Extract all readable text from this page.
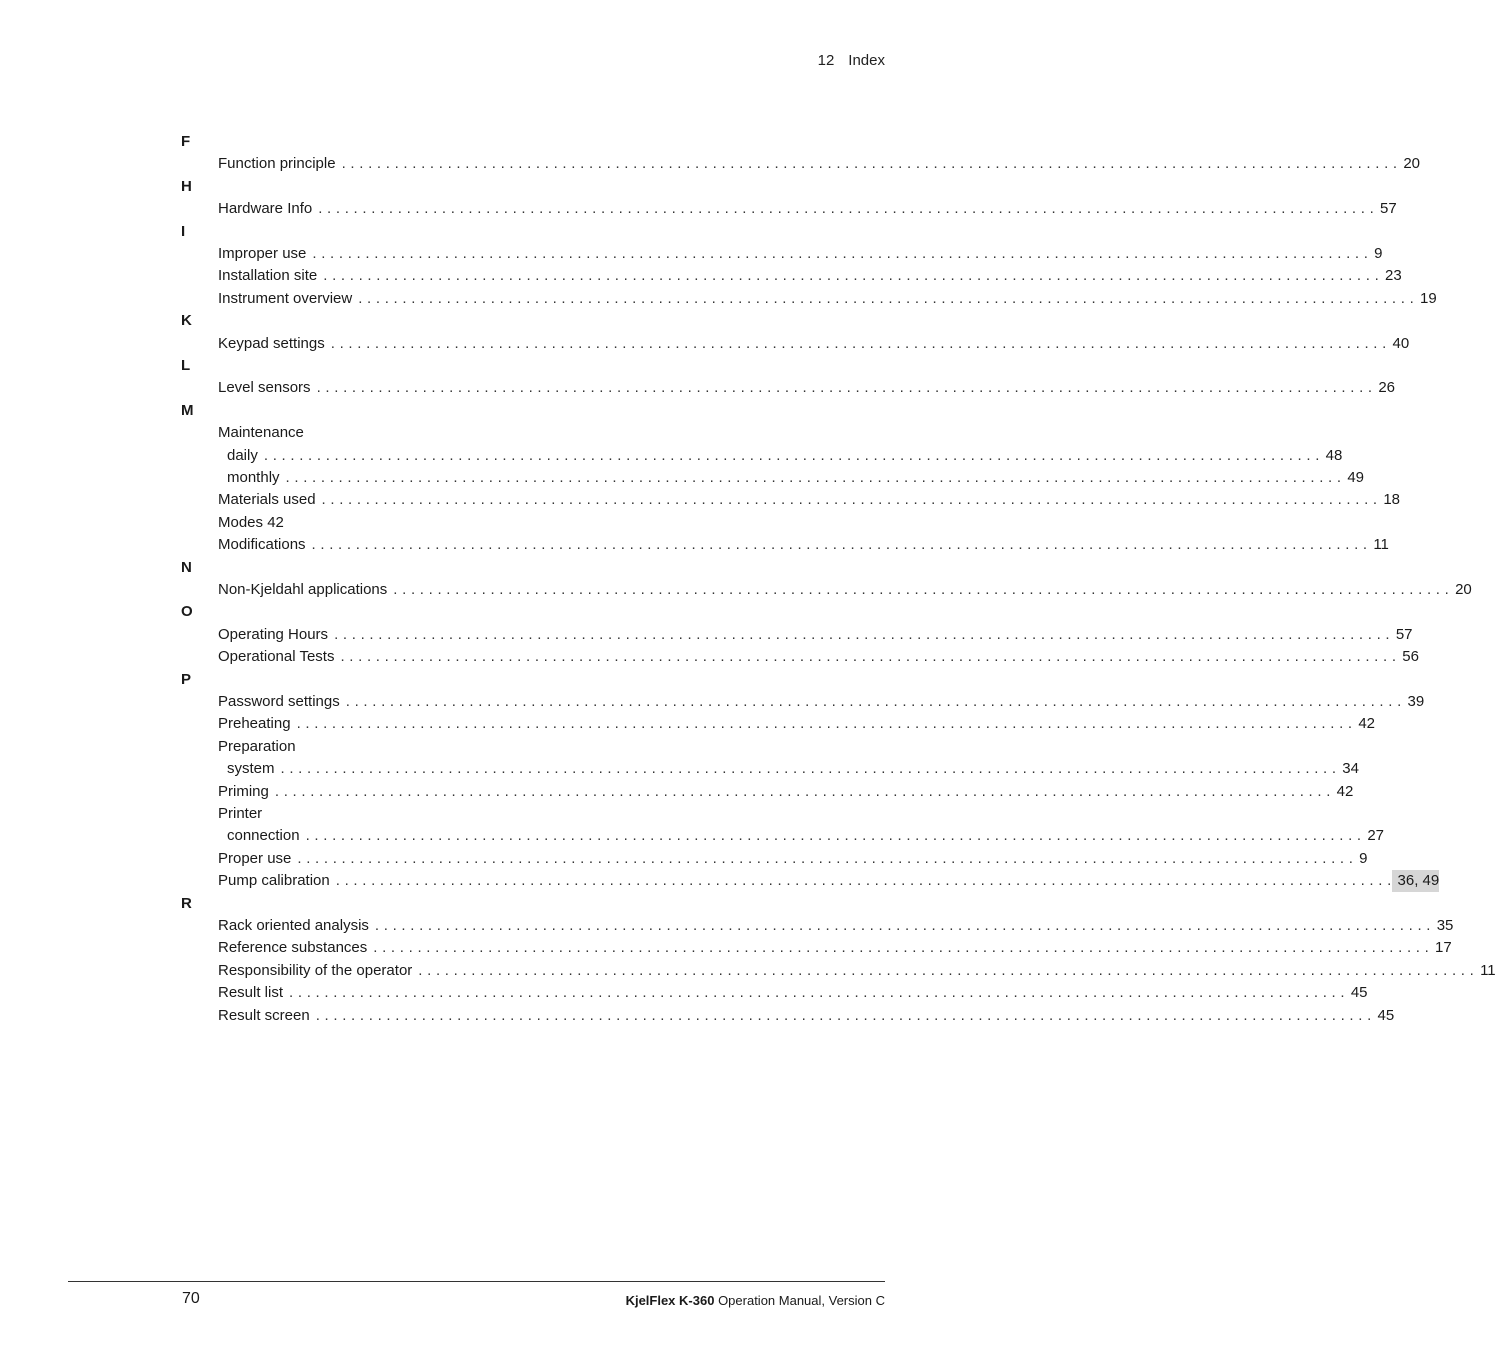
12 Index
F
Function principle . . . . . . . . . . . . . . . . . . . . . . . . . . . . . . . . . . . . . . . . . . . . . . . . . . . . . . . . . . . . . . . . . . . . . . . . . . . . . . . . . . . . . . . . . . . . . . . . . . . . . . . . . . . . . . . . . . . . . . . . 20
H
Hardware Info . . . . . . . . . . . . . . . . . . . . . . . . . . . . . . . . . . . . . . . . . . . . . . . . . . . . . . . . . . . . . . . . . . . . . . . . . . . . . . . . . . . . . . . . . . . . . . . . . . . . . . . . . . . . . . . . . . . . . . . . 57
I
Improper use . . . . . . . . . . . . . . . . . . . . . . . . . . . . . . . . . . . . . . . . . . . . . . . . . . . . . . . . . . . . . . . . . . . . . . . . . . . . . . . . . . . . . . . . . . . . . . . . . . . . . . . . . . . . . . . . . . . . . . . . 9
Installation site . . . . . . . . . . . . . . . . . . . . . . . . . . . . . . . . . . . . . . . . . . . . . . . . . . . . . . . . . . . . . . . . . . . . . . . . . . . . . . . . . . . . . . . . . . . . . . . . . . . . . . . . . . . . . . . . . . . . . . . . 23
Instrument overview . . . . . . . . . . . . . . . . . . . . . . . . . . . . . . . . . . . . . . . . . . . . . . . . . . . . . . . . . . . . . . . . . . . . . . . . . . . . . . . . . . . . . . . . . . . . . . . . . . . . . . . . . . . . . . . . . . . . . . . . 19
K
Keypad settings . . . . . . . . . . . . . . . . . . . . . . . . . . . . . . . . . . . . . . . . . . . . . . . . . . . . . . . . . . . . . . . . . . . . . . . . . . . . . . . . . . . . . . . . . . . . . . . . . . . . . . . . . . . . . . . . . . . . . . . . 40
L
Level sensors . . . . . . . . . . . . . . . . . . . . . . . . . . . . . . . . . . . . . . . . . . . . . . . . . . . . . . . . . . . . . . . . . . . . . . . . . . . . . . . . . . . . . . . . . . . . . . . . . . . . . . . . . . . . . . . . . . . . . . . . 26
M
Maintenance
daily . . . . . . . . . . . . . . . . . . . . . . . . . . . . . . . . . . . . . . . . . . . . . . . . . . . . . . . . . . . . . . . . . . . . . . . . . . . . . . . . . . . . . . . . . . . . . . . . . . . . . . . . . . . . . . . . . . . . . . . . 48
monthly . . . . . . . . . . . . . . . . . . . . . . . . . . . . . . . . . . . . . . . . . . . . . . . . . . . . . . . . . . . . . . . . . . . . . . . . . . . . . . . . . . . . . . . . . . . . . . . . . . . . . . . . . . . . . . . . . . . . . . . . 49
Materials used . . . . . . . . . . . . . . . . . . . . . . . . . . . . . . . . . . . . . . . . . . . . . . . . . . . . . . . . . . . . . . . . . . . . . . . . . . . . . . . . . . . . . . . . . . . . . . . . . . . . . . . . . . . . . . . . . . . . . . . . 18
Modes 42
Modifications . . . . . . . . . . . . . . . . . . . . . . . . . . . . . . . . . . . . . . . . . . . . . . . . . . . . . . . . . . . . . . . . . . . . . . . . . . . . . . . . . . . . . . . . . . . . . . . . . . . . . . . . . . . . . . . . . . . . . . . . 11
N
Non-Kjeldahl applications . . . . . . . . . . . . . . . . . . . . . . . . . . . . . . . . . . . . . . . . . . . . . . . . . . . . . . . . . . . . . . . . . . . . . . . . . . . . . . . . . . . . . . . . . . . . . . . . . . . . . . . . . . . . . . . . . . . . . . . . 20
O
Operating Hours . . . . . . . . . . . . . . . . . . . . . . . . . . . . . . . . . . . . . . . . . . . . . . . . . . . . . . . . . . . . . . . . . . . . . . . . . . . . . . . . . . . . . . . . . . . . . . . . . . . . . . . . . . . . . . . . . . . . . . . . 57
Operational Tests . . . . . . . . . . . . . . . . . . . . . . . . . . . . . . . . . . . . . . . . . . . . . . . . . . . . . . . . . . . . . . . . . . . . . . . . . . . . . . . . . . . . . . . . . . . . . . . . . . . . . . . . . . . . . . . . . . . . . . . . 56
P
Password settings . . . . . . . . . . . . . . . . . . . . . . . . . . . . . . . . . . . . . . . . . . . . . . . . . . . . . . . . . . . . . . . . . . . . . . . . . . . . . . . . . . . . . . . . . . . . . . . . . . . . . . . . . . . . . . . . . . . . . . . . 39
Preheating . . . . . . . . . . . . . . . . . . . . . . . . . . . . . . . . . . . . . . . . . . . . . . . . . . . . . . . . . . . . . . . . . . . . . . . . . . . . . . . . . . . . . . . . . . . . . . . . . . . . . . . . . . . . . . . . . . . . . . . . 42
Preparation
system . . . . . . . . . . . . . . . . . . . . . . . . . . . . . . . . . . . . . . . . . . . . . . . . . . . . . . . . . . . . . . . . . . . . . . . . . . . . . . . . . . . . . . . . . . . . . . . . . . . . . . . . . . . . . . . . . . . . . . . . 34
Priming . . . . . . . . . . . . . . . . . . . . . . . . . . . . . . . . . . . . . . . . . . . . . . . . . . . . . . . . . . . . . . . . . . . . . . . . . . . . . . . . . . . . . . . . . . . . . . . . . . . . . . . . . . . . . . . . . . . . . . . . 42
Printer
connection . . . . . . . . . . . . . . . . . . . . . . . . . . . . . . . . . . . . . . . . . . . . . . . . . . . . . . . . . . . . . . . . . . . . . . . . . . . . . . . . . . . . . . . . . . . . . . . . . . . . . . . . . . . . . . . . . . . . . . . . 27
Proper use . . . . . . . . . . . . . . . . . . . . . . . . . . . . . . . . . . . . . . . . . . . . . . . . . . . . . . . . . . . . . . . . . . . . . . . . . . . . . . . . . . . . . . . . . . . . . . . . . . . . . . . . . . . . . . . . . . . . . . . . 9
Pump calibration . . . . . . . . . . . . . . . . . . . . . . . . . . . . . . . . . . . . . . . . . . . . . . . . . . . . . . . . . . . . . . . . . . . . . . . . . . . . . . . . . . . . . . . . . . . . . . . . . . . . . . . . . . . . . . . . . . . . . . . . 36, 49
R
Rack oriented analysis . . . . . . . . . . . . . . . . . . . . . . . . . . . . . . . . . . . . . . . . . . . . . . . . . . . . . . . . . . . . . . . . . . . . . . . . . . . . . . . . . . . . . . . . . . . . . . . . . . . . . . . . . . . . . . . . . . . . . . . . 35
Reference substances . . . . . . . . . . . . . . . . . . . . . . . . . . . . . . . . . . . . . . . . . . . . . . . . . . . . . . . . . . . . . . . . . . . . . . . . . . . . . . . . . . . . . . . . . . . . . . . . . . . . . . . . . . . . . . . . . . . . . . . . 17
Responsibility of the operator . . . . . . . . . . . . . . . . . . . . . . . . . . . . . . . . . . . . . . . . . . . . . . . . . . . . . . . . . . . . . . . . . . . . . . . . . . . . . . . . . . . . . . . . . . . . . . . . . . . . . . . . . . . . . . . . . . . . . . . . 11
Result list . . . . . . . . . . . . . . . . . . . . . . . . . . . . . . . . . . . . . . . . . . . . . . . . . . . . . . . . . . . . . . . . . . . . . . . . . . . . . . . . . . . . . . . . . . . . . . . . . . . . . . . . . . . . . . . . . . . . . . . . 45
Result screen . . . . . . . . . . . . . . . . . . . . . . . . . . . . . . . . . . . . . . . . . . . . . . . . . . . . . . . . . . . . . . . . . . . . . . . . . . . . . . . . . . . . . . . . . . . . . . . . . . . . . . . . . . . . . . . . . . . . . . . . 45
70	KjelFlex K-360 Operation Manual, Version C
